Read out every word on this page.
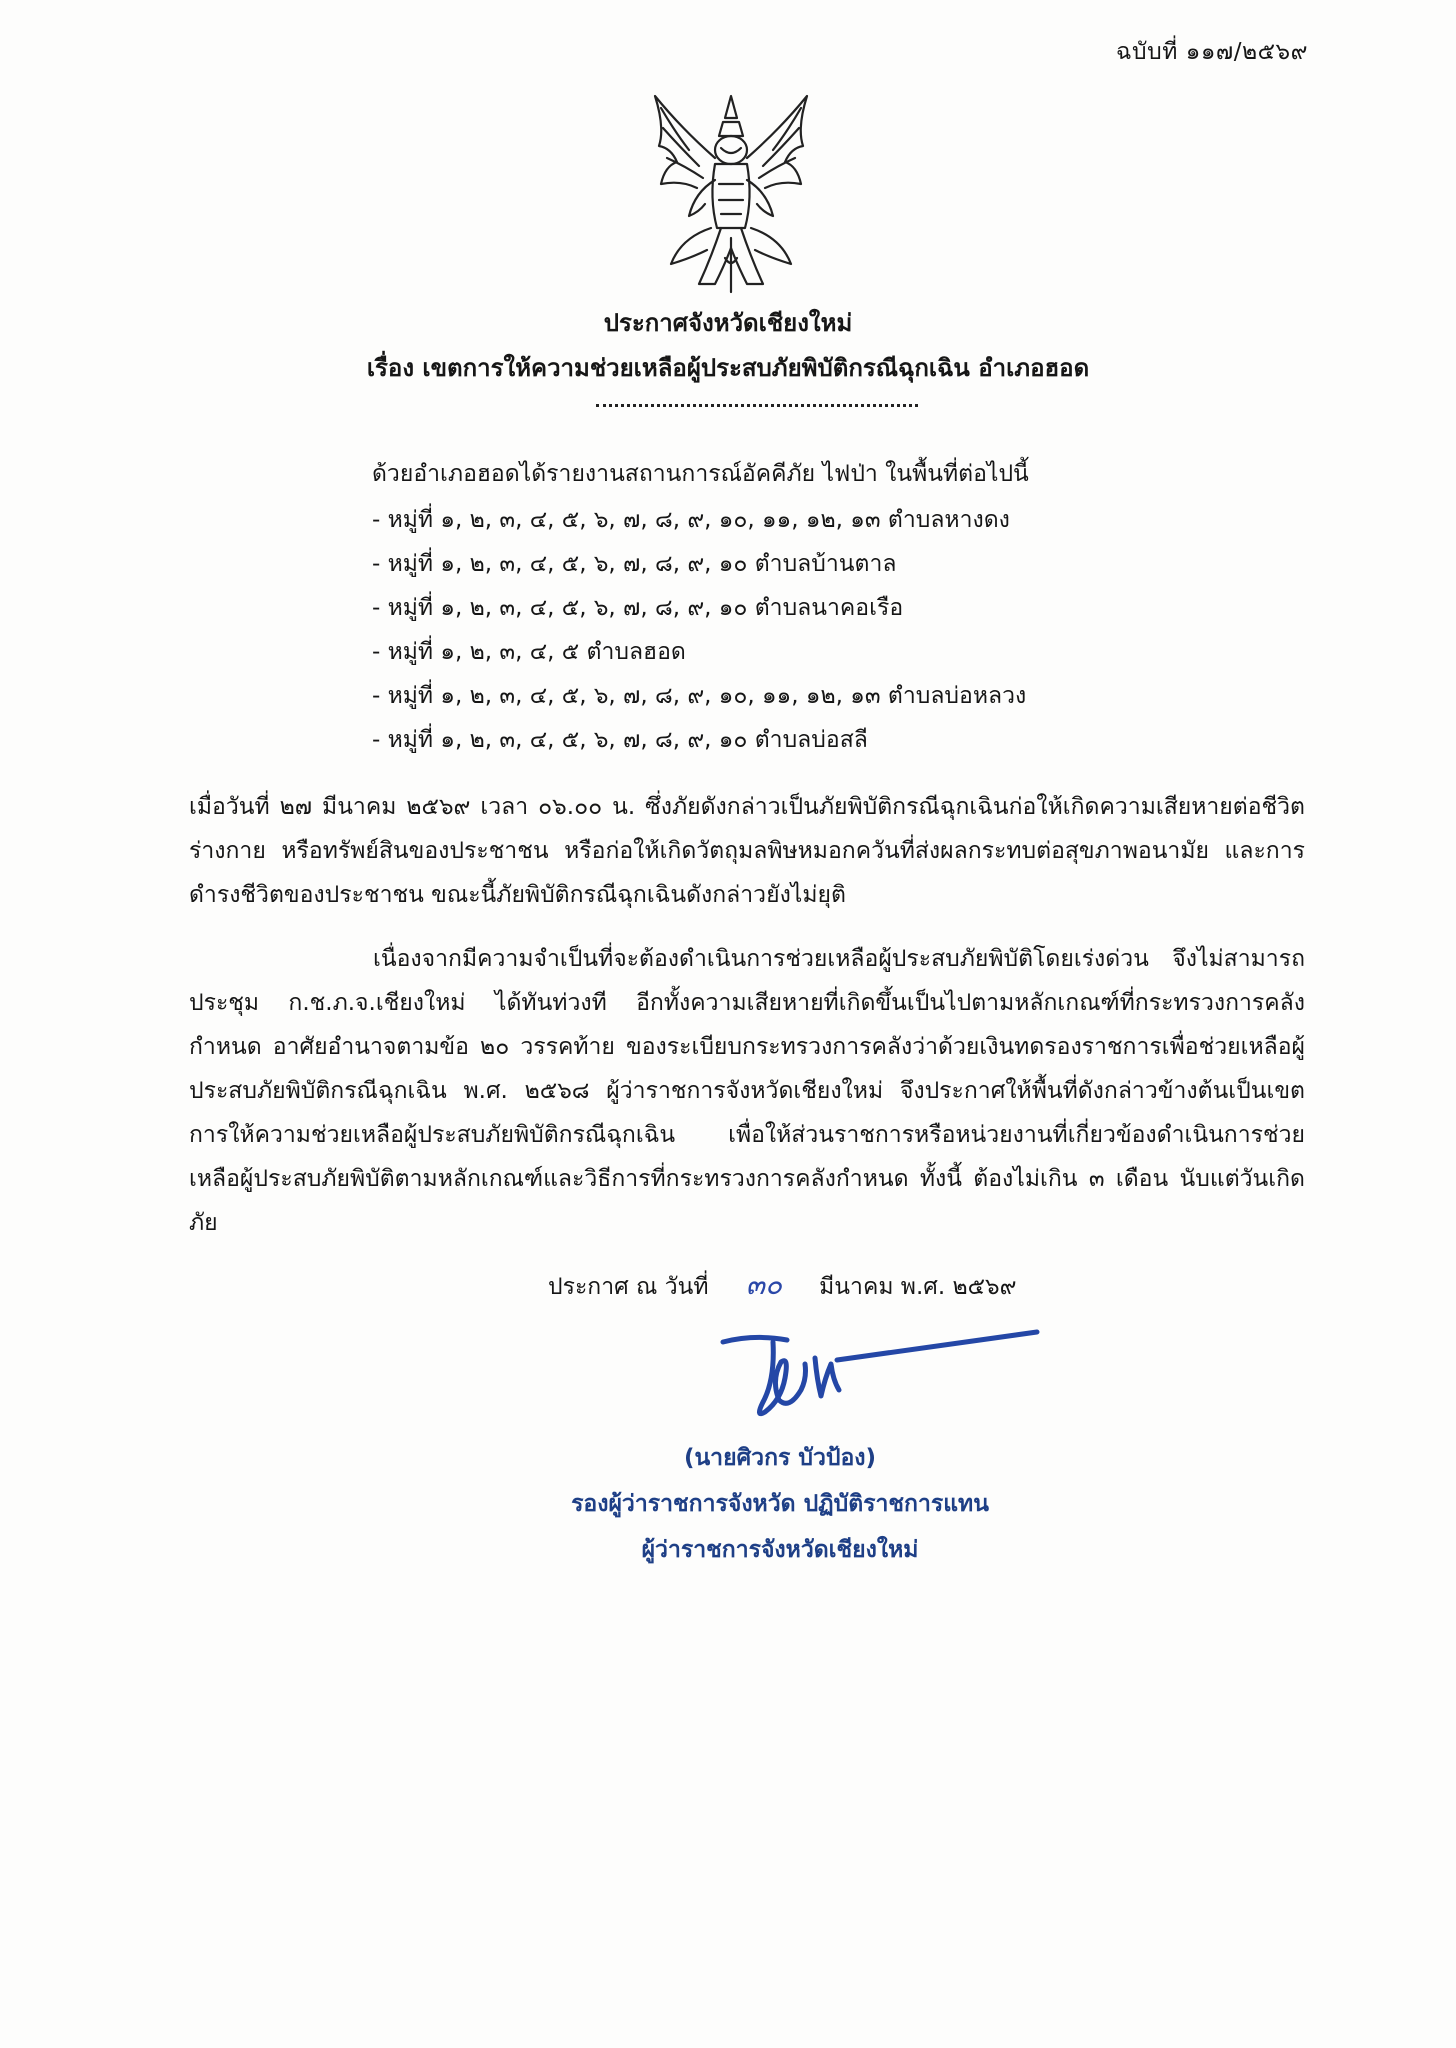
ฉบับที่ ๑๑๗/๒๕๖๙
ประกาศจังหวัดเชียงใหม่
เรื่อง เขตการให้ความช่วยเหลือผู้ประสบภัยพิบัติกรณีฉุกเฉิน อำเภอฮอด
ด้วยอำเภอฮอดได้รายงานสถานการณ์อัคคีภัย ไฟป่า ในพื้นที่ต่อไปนี้
- หมู่ที่ ๑, ๒, ๓, ๔, ๕, ๖, ๗, ๘, ๙, ๑๐, ๑๑, ๑๒, ๑๓ ตำบลหางดง
- หมู่ที่ ๑, ๒, ๓, ๔, ๕, ๖, ๗, ๘, ๙, ๑๐ ตำบลบ้านตาล
- หมู่ที่ ๑, ๒, ๓, ๔, ๕, ๖, ๗, ๘, ๙, ๑๐ ตำบลนาคอเรือ
- หมู่ที่ ๑, ๒, ๓, ๔, ๕ ตำบลฮอด
- หมู่ที่ ๑, ๒, ๓, ๔, ๕, ๖, ๗, ๘, ๙, ๑๐, ๑๑, ๑๒, ๑๓ ตำบลบ่อหลวง
- หมู่ที่ ๑, ๒, ๓, ๔, ๕, ๖, ๗, ๘, ๙, ๑๐ ตำบลบ่อสลี

เมื่อวันที่ ๒๗ มีนาคม ๒๕๖๙ เวลา ๐๖.๐๐ น. ซึ่งภัยดังกล่าวเป็นภัยพิบัติกรณีฉุกเฉินก่อให้เกิดความเสียหายต่อชีวิต ร่างกาย หรือทรัพย์สินของประชาชน หรือก่อให้เกิดวัตถุมลพิษหมอกควันที่ส่งผลกระทบต่อสุขภาพอนามัย และการดำรงชีวิตของประชาชน ขณะนี้ภัยพิบัติกรณีฉุกเฉินดังกล่าวยังไม่ยุติ

เนื่องจากมีความจำเป็นที่จะต้องดำเนินการช่วยเหลือผู้ประสบภัยพิบัติโดยเร่งด่วน จึงไม่สามารถประชุม ก.ช.ภ.จ.เชียงใหม่ ได้ทันท่วงที อีกทั้งความเสียหายที่เกิดขึ้นเป็นไปตามหลักเกณฑ์ที่กระทรวงการคลังกำหนด อาศัยอำนาจตามข้อ ๒๐ วรรคท้าย ของระเบียบกระทรวงการคลังว่าด้วยเงินทดรองราชการเพื่อช่วยเหลือผู้ประสบภัยพิบัติกรณีฉุกเฉิน พ.ศ. ๒๕๖๘ ผู้ว่าราชการจังหวัดเชียงใหม่ จึงประกาศให้พื้นที่ดังกล่าวข้างต้นเป็นเขตการให้ความช่วยเหลือผู้ประสบภัยพิบัติกรณีฉุกเฉิน เพื่อให้ส่วนราชการหรือหน่วยงานที่เกี่ยวข้องดำเนินการช่วยเหลือผู้ประสบภัยพิบัติตามหลักเกณฑ์และวิธีการที่กระทรวงการคลังกำหนด ทั้งนี้ ต้องไม่เกิน ๓ เดือน นับแต่วันเกิดภัย

ประกาศ ณ วันที่ ๓๐ มีนาคม พ.ศ. ๒๕๖๙
(นายศิวกร บัวป้อง)
รองผู้ว่าราชการจังหวัด ปฏิบัติราชการแทน
ผู้ว่าราชการจังหวัดเชียงใหม่
